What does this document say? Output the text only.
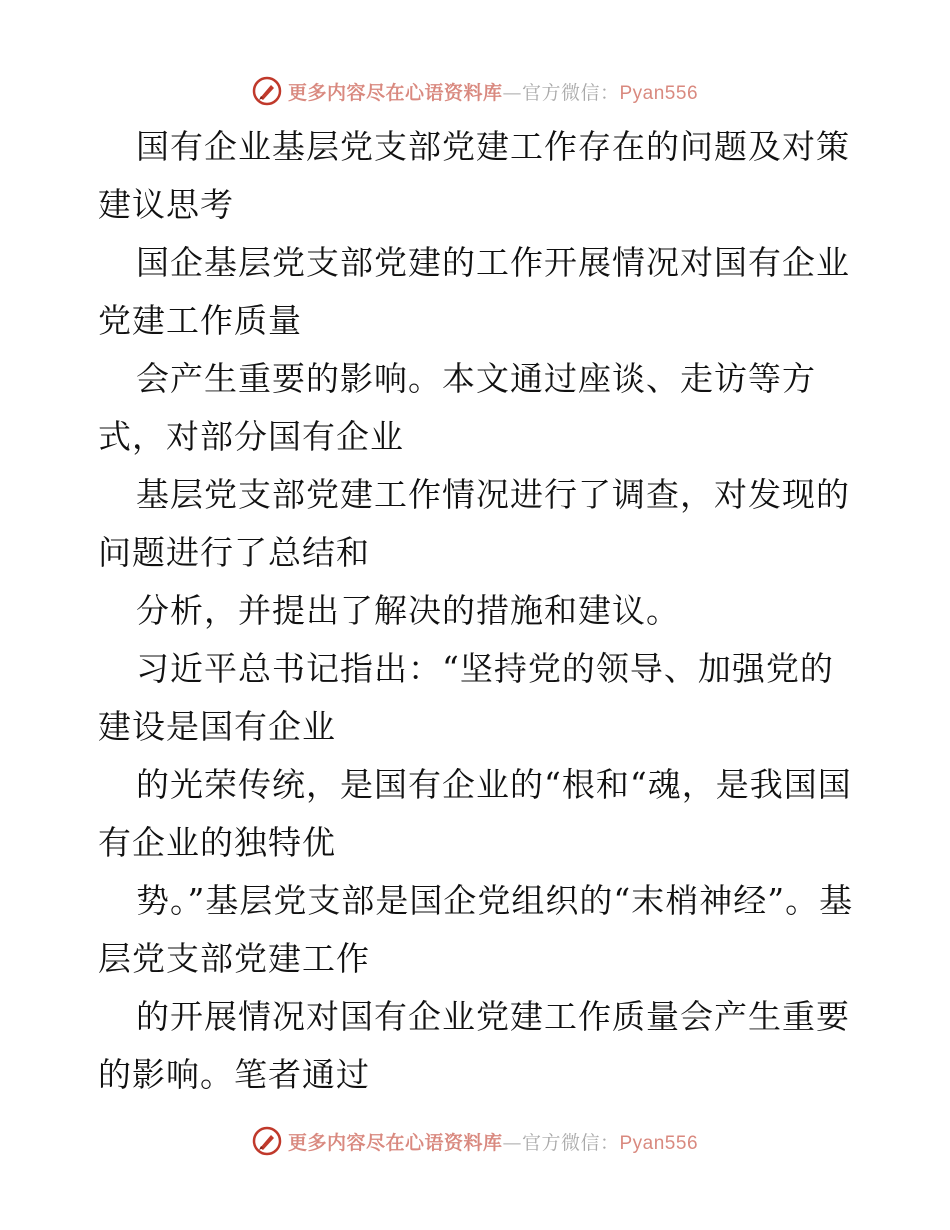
更多内容尽在心语资料库—官方微信：Pyan556

国有企业基层党支部党建工作存在的问题及对策建议思考

国企基层党支部党建的工作开展情况对国有企业党建工作质量

会产生重要的影响。本文通过座谈、走访等方式，对部分国有企业

基层党支部党建工作情况进行了调查，对发现的问题进行了总结和

分析，并提出了解决的措施和建议。

习近平总书记指出：“坚持党的领导、加强党的建设是国有企业

的光荣传统，是国有企业的“根和“魂，是我国国有企业的独特优

势。”基层党支部是国企党组织的“末梢神经”。基层党支部党建工作

的开展情况对国有企业党建工作质量会产生重要的影响。笔者通过

更多内容尽在心语资料库—官方微信：Pyan556
